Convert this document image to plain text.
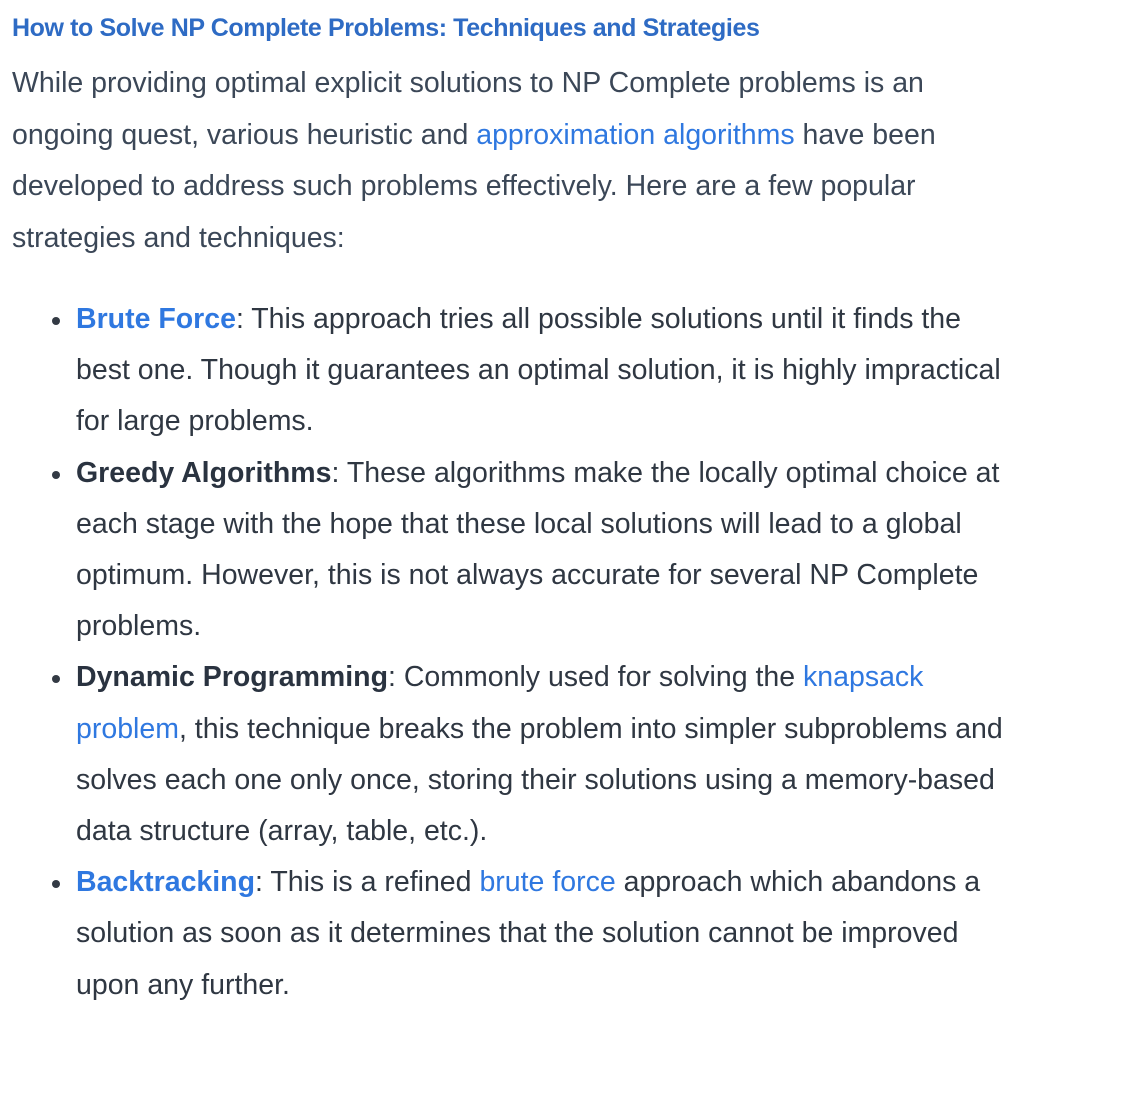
How to Solve NP Complete Problems: Techniques and Strategies

While providing optimal explicit solutions to NP Complete problems is an ongoing quest, various heuristic and approximation algorithms have been developed to address such problems effectively. Here are a few popular strategies and techniques:

Brute Force: This approach tries all possible solutions until it finds the best one. Though it guarantees an optimal solution, it is highly impractical for large problems.
Greedy Algorithms: These algorithms make the locally optimal choice at each stage with the hope that these local solutions will lead to a global optimum. However, this is not always accurate for several NP Complete problems.
Dynamic Programming: Commonly used for solving the knapsack problem, this technique breaks the problem into simpler subproblems and solves each one only once, storing their solutions using a memory-based data structure (array, table, etc.).
Backtracking: This is a refined brute force approach which abandons a solution as soon as it determines that the solution cannot be improved upon any further.
